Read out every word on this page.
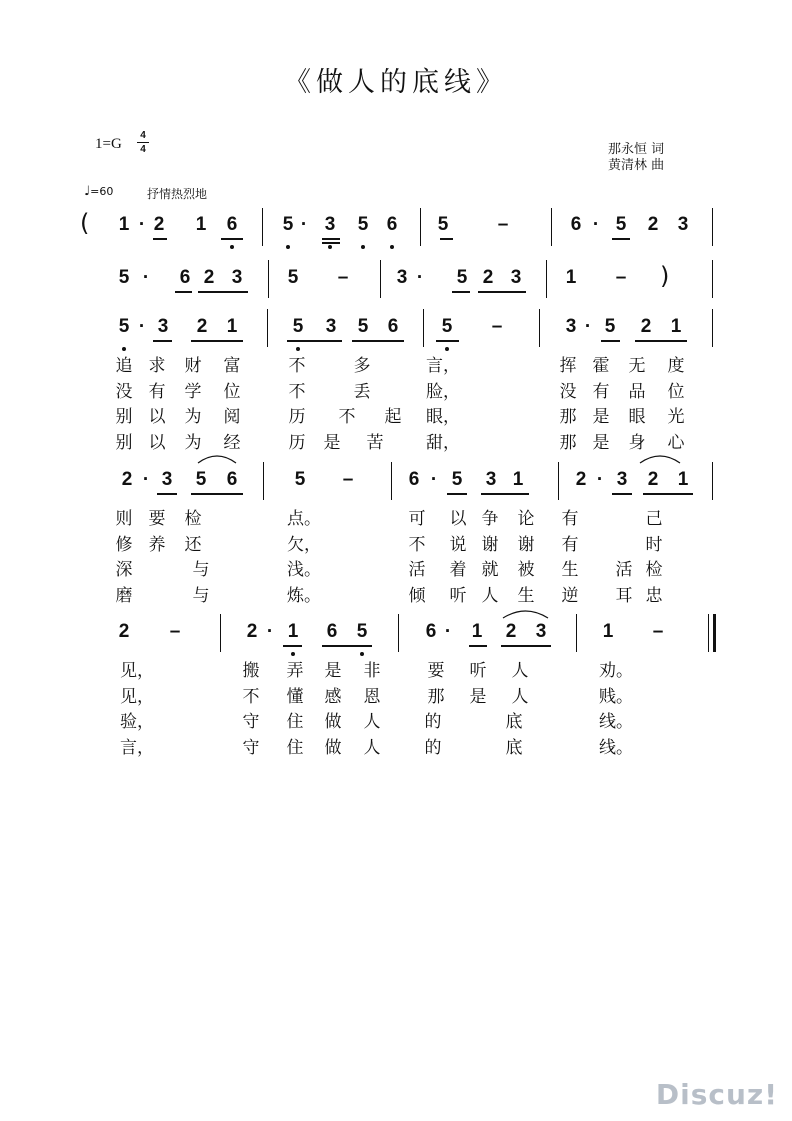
《做人的底线》
1=G
4
4	那永恒 词
黄清林 曲
♩=60	抒情热烈地
1 · 2 1 6 5 · 3 5 6 5	–	6 · 5 2 3
5 ·	6 2 3 5 –	3 ·	5 2 3 1 –
5 · 3 2 1	5 3 5 6 5 –	3 · 5 2 1
追 求 财 富	不	多	言，	挥 霍 无 度
没 有 学 位	不	丢	脸，	没 有 品 位
别 以 为 阅	历 不 起 眼，	那 是 眼 光
别 以 为 经	历 是 苦	甜，	那 是 身 心
2 · 3 5 6	5 –	6 · 5 3 1	2 · 3 2 1
则 要 检	点。	可 以 争 论 有	己
修 养 还	欠，	不 说 谢 谢 有	时
深	与	浅。	活 着 就 被 生 活 检
磨	与	炼。	倾 听 人 生 逆 耳 忠
2 –	2 · 1 6 5	6 ·	1 2 3	1 –
见，	搬 弄 是 非	要 听 人	劝。
见，	不 懂 感 恩	那 是 人	贱。
验，	守 住 做 人	的	底	线。
言，	守 住 做 人	的	底	线。
(
)
Discuz!
